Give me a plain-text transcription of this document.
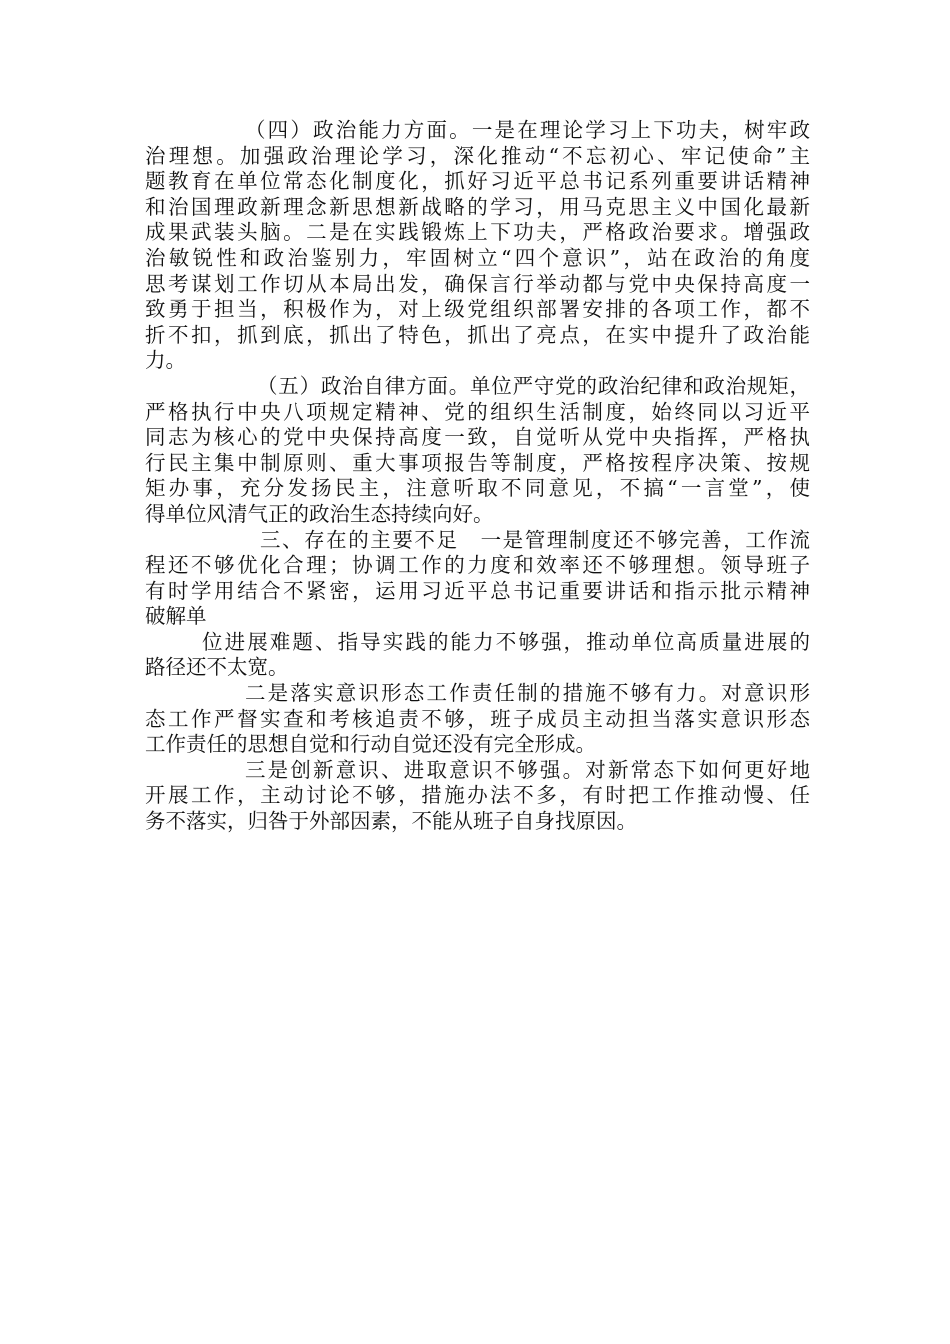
（四）政治能力方面。一是在理论学习上下功夫，树牢政
治理想。加强政治理论学习，深化推动“不忘初心、牢记使命”主
题教育在单位常态化制度化，抓好习近平总书记系列重要讲话精神
和治国理政新理念新思想新战略的学习，用马克思主义中国化最新
成果武装头脑。二是在实践锻炼上下功夫，严格政治要求。增强政
治敏锐性和政治鉴别力，牢固树立“四个意识”，站在政治的角度
思考谋划工作切从本局出发，确保言行举动都与党中央保持高度一
致勇于担当，积极作为，对上级党组织部署安排的各项工作，都不
折不扣，抓到底，抓出了特色，抓出了亮点，在实中提升了政治能
力。
（五）政治自律方面。单位严守党的政治纪律和政治规矩，
严格执行中央八项规定精神、党的组织生活制度，始终同以习近平
同志为核心的党中央保持高度一致，自觉听从党中央指挥，严格执
行民主集中制原则、重大事项报告等制度，严格按程序决策、按规
矩办事，充分发扬民主，注意听取不同意见，不搞“一言堂”，使
得单位风清气正的政治生态持续向好。
三、存在的主要不足　一是管理制度还不够完善，工作流
程还不够优化合理；协调工作的力度和效率还不够理想。领导班子
有时学用结合不紧密，运用习近平总书记重要讲话和指示批示精神
破解单
位进展难题、指导实践的能力不够强，推动单位高质量进展的
路径还不太宽。
二是落实意识形态工作责任制的措施不够有力。对意识形
态工作严督实查和考核追责不够，班子成员主动担当落实意识形态
工作责任的思想自觉和行动自觉还没有完全形成。
三是创新意识、进取意识不够强。对新常态下如何更好地
开展工作，主动讨论不够，措施办法不多，有时把工作推动慢、任
务不落实，归咎于外部因素，不能从班子自身找原因。
